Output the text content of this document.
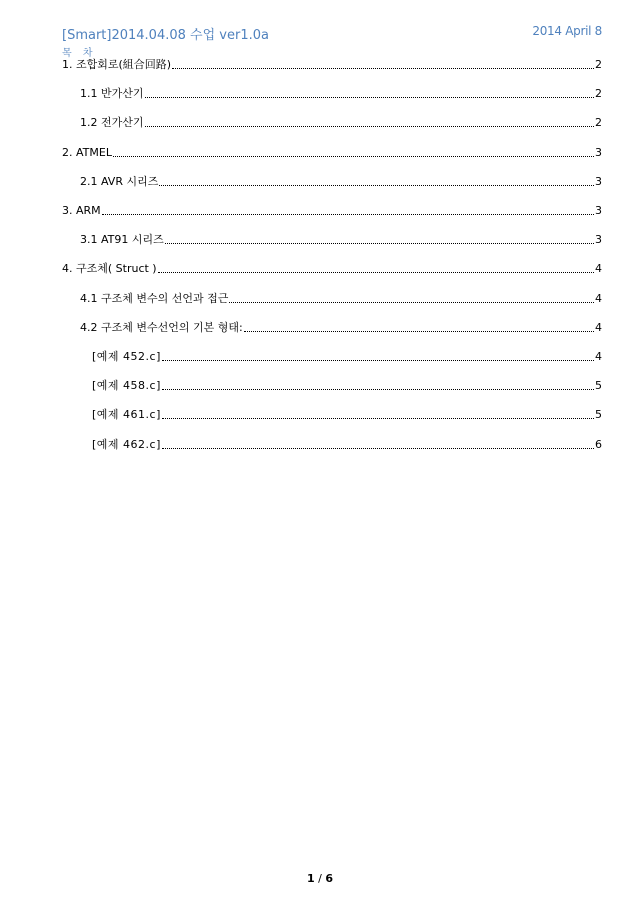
[Smart]2014.04.08 수업 ver1.0a	2014 April 8
목 차
1. 조합회로(組合回路)	2
1.1 반가산기	2
1.2 전가산기	2
2. ATMEL	3
2.1 AVR 시리즈	3
3. ARM	3
3.1 AT91 시리즈	3
4. 구조체( Struct )	4
4.1 구조체 변수의 선언과 접근	4
4.2 구조체 변수선언의 기본 형태:	4
[예제 452.c]	4
[예제 458.c]	5
[예제 461.c]	5
[예제 462.c]	6
1 / 6
